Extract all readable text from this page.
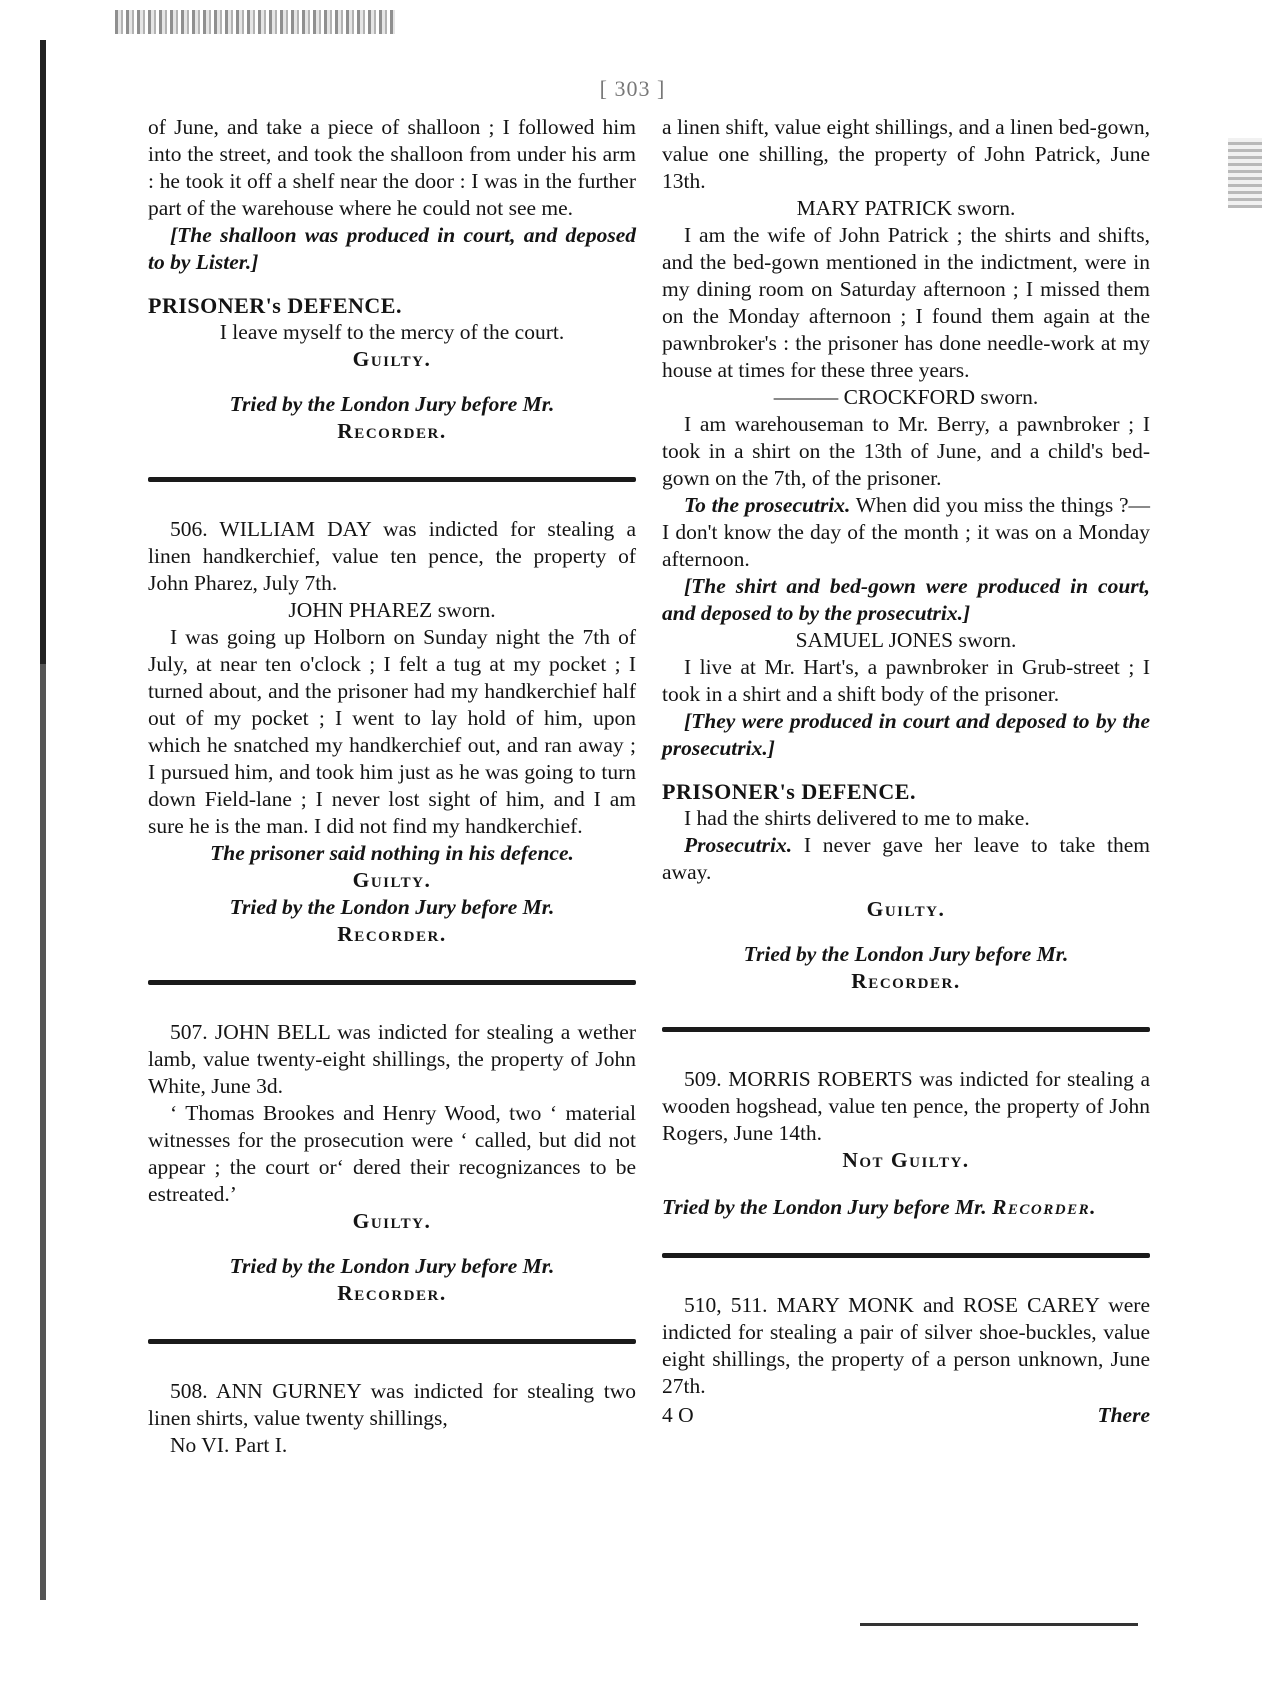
[ 303 ]

of June, and take a piece of shalloon ; I followed him into the street, and took the shalloon from under his arm : he took it off a shelf near the door : I was in the further part of the warehouse where he could not see me.

[The shalloon was produced in court, and deposed to by Lister.]

PRISONER's DEFENCE.

I leave myself to the mercy of the court.

Guilty.

Tried by the London Jury before Mr.

Recorder.

506. WILLIAM DAY was indicted for stealing a linen handkerchief, value ten pence, the property of John Pharez, July 7th.

JOHN PHAREZ sworn.

I was going up Holborn on Sunday night the 7th of July, at near ten o'clock ; I felt a tug at my pocket ; I turned about, and the prisoner had my handkerchief half out of my pocket ; I went to lay hold of him, upon which he snatched my handkerchief out, and ran away ; I pursued him, and took him just as he was going to turn down Field-lane ; I never lost sight of him, and I am sure he is the man. I did not find my handkerchief.

The prisoner said nothing in his defence.

Guilty.

Tried by the London Jury before Mr.

Recorder.

507. JOHN BELL was indicted for stealing a wether lamb, value twenty-eight shillings, the property of John White, June 3d.

‘ Thomas Brookes and Henry Wood, two ‘ material witnesses for the prosecution were ‘ called, but did not appear ; the court or‘ dered their recognizances to be estreated.’

Guilty.

Tried by the London Jury before Mr.

Recorder.

508. ANN GURNEY was indicted for stealing two linen shirts, value twenty shillings,

No VI. Part I.

a linen shift, value eight shillings, and a linen bed-gown, value one shilling, the property of John Patrick, June 13th.

MARY PATRICK sworn.

I am the wife of John Patrick ; the shirts and shifts, and the bed-gown mentioned in the indictment, were in my dining room on Saturday afternoon ; I missed them on the Monday afternoon ; I found them again at the pawnbroker's : the prisoner has done needle-work at my house at times for these three years.

——— CROCKFORD sworn.

I am warehouseman to Mr. Berry, a pawnbroker ; I took in a shirt on the 13th of June, and a child's bed-gown on the 7th, of the prisoner.

To the prosecutrix. When did you miss the things ?—I don't know the day of the month ; it was on a Monday afternoon.

[The shirt and bed-gown were produced in court, and deposed to by the prosecutrix.]

SAMUEL JONES sworn.

I live at Mr. Hart's, a pawnbroker in Grub-street ; I took in a shirt and a shift body of the prisoner.

[They were produced in court and deposed to by the prosecutrix.]

PRISONER's DEFENCE.

I had the shirts delivered to me to make.

Prosecutrix. I never gave her leave to take them away.

Guilty.

Tried by the London Jury before Mr.

Recorder.

509. MORRIS ROBERTS was indicted for stealing a wooden hogshead, value ten pence, the property of John Rogers, June 14th.

Not Guilty.

Tried by the London Jury before Mr. Recorder.

510, 511. MARY MONK and ROSE CAREY were indicted for stealing a pair of silver shoe-buckles, value eight shillings, the property of a person unknown, June 27th.

4 O	There
